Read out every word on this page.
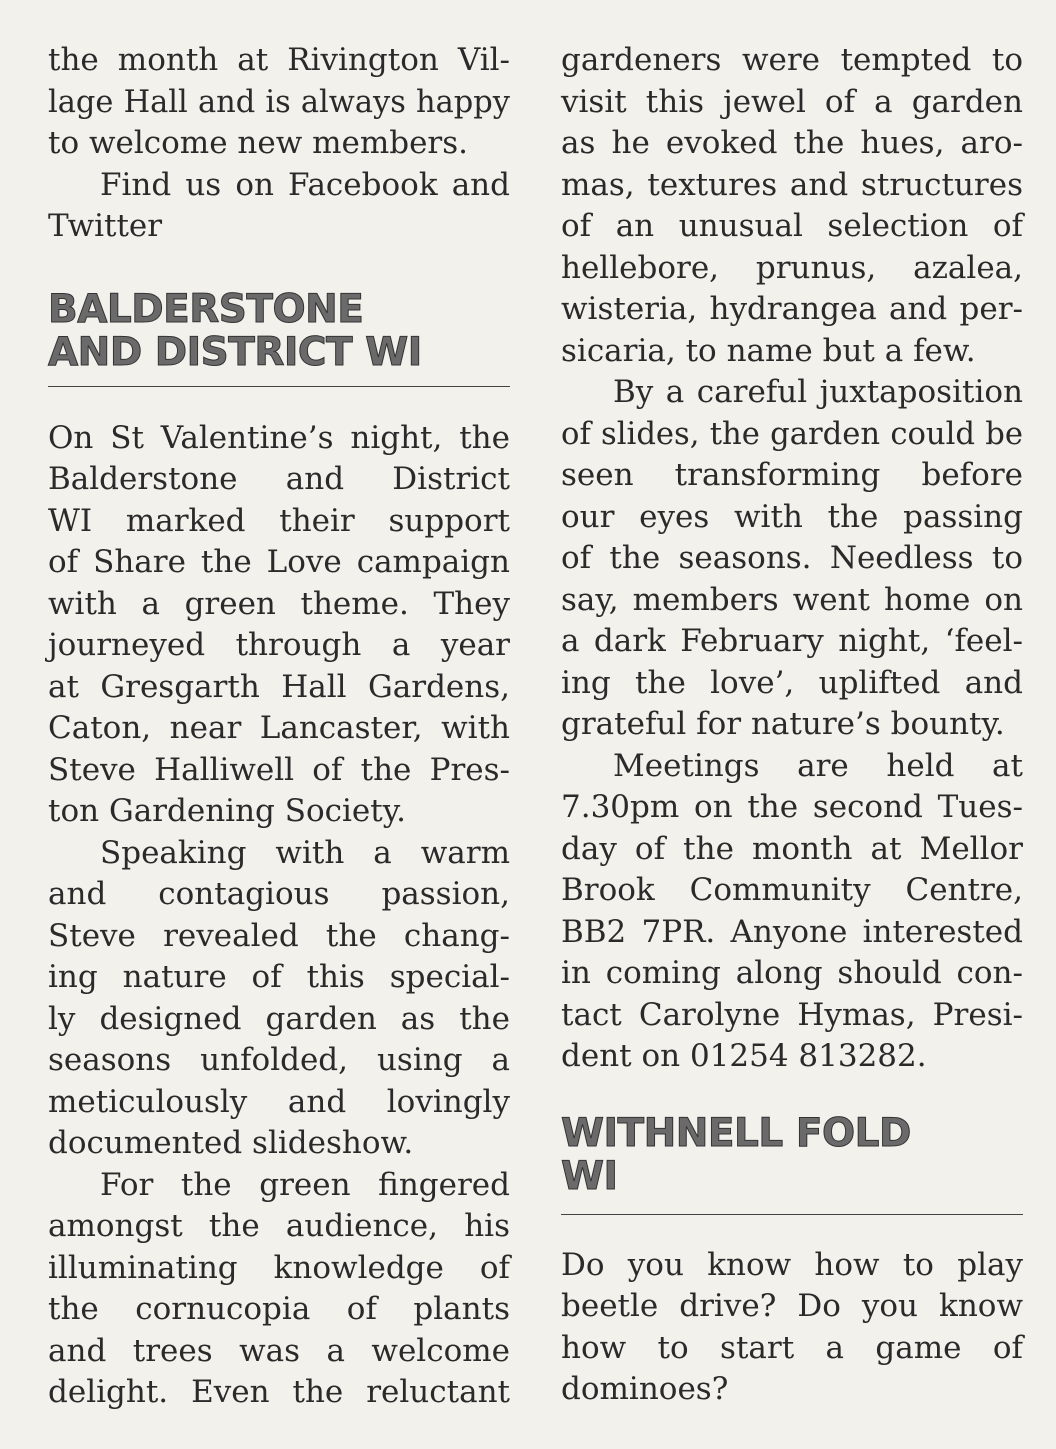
the month at Rivington Vil-
lage Hall and is always happy
to welcome new members.
Find us on Facebook and
Twitter
BALDERSTONE
AND DISTRICT WI
On St Valentine’s night, the
Balderstone and District
WI marked their support
of Share the Love campaign
with a green theme. They
journeyed through a year
at Gresgarth Hall Gardens,
Caton, near Lancaster, with
Steve Halliwell of the Pres-
ton Gardening Society.
Speaking with a warm
and contagious passion,
Steve revealed the chang-
ing nature of this special-
ly designed garden as the
seasons unfolded, using a
meticulously and lovingly
documented slideshow.
For the green fingered
amongst the audience, his
illuminating knowledge of
the cornucopia of plants
and trees was a welcome
delight. Even the reluctant
gardeners were tempted to
visit this jewel of a garden
as he evoked the hues, aro-
mas, textures and structures
of an unusual selection of
hellebore, prunus, azalea,
wisteria, hydrangea and per-
sicaria, to name but a few.
By a careful juxtaposition
of slides, the garden could be
seen transforming before
our eyes with the passing
of the seasons. Needless to
say, members went home on
a dark February night, ‘feel-
ing the love’, uplifted and
grateful for nature’s bounty.
Meetings are held at
7.30pm on the second Tues-
day of the month at Mellor
Brook Community Centre,
BB2 7PR. Anyone interested
in coming along should con-
tact Carolyne Hymas, Presi-
dent on 01254 813282.
WITHNELL FOLD
WI
Do you know how to play
beetle drive? Do you know
how to start a game of
dominoes?
